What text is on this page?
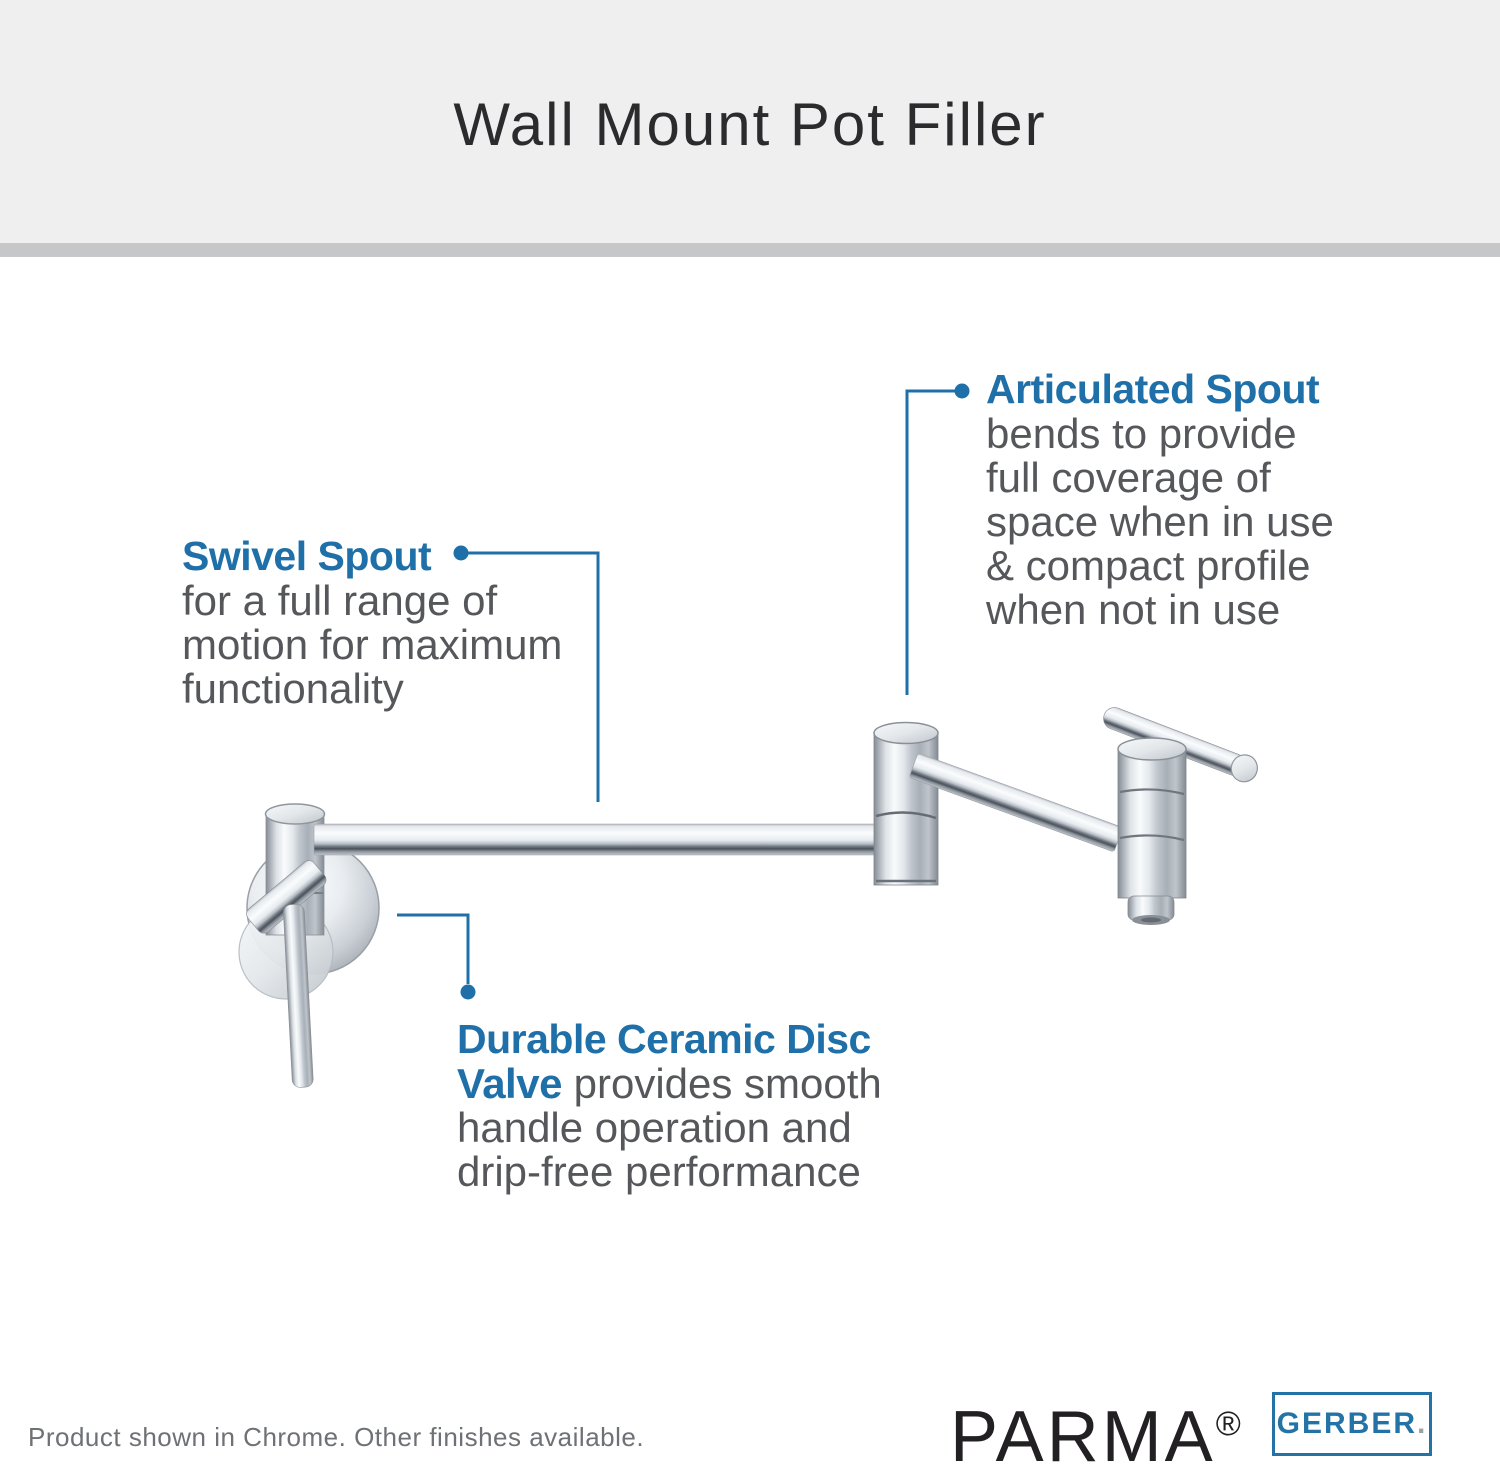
Wall Mount Pot Filler
Articulated Spout
bends to provide
full coverage of
space when in use
& compact profile
when not in use
Swivel Spout
for a full range of
motion for maximum
functionality
Durable Ceramic Disc
Valve provides smooth
handle operation and
drip-free performance
Product shown in Chrome. Other finishes available.	PARMA® GERBER .
